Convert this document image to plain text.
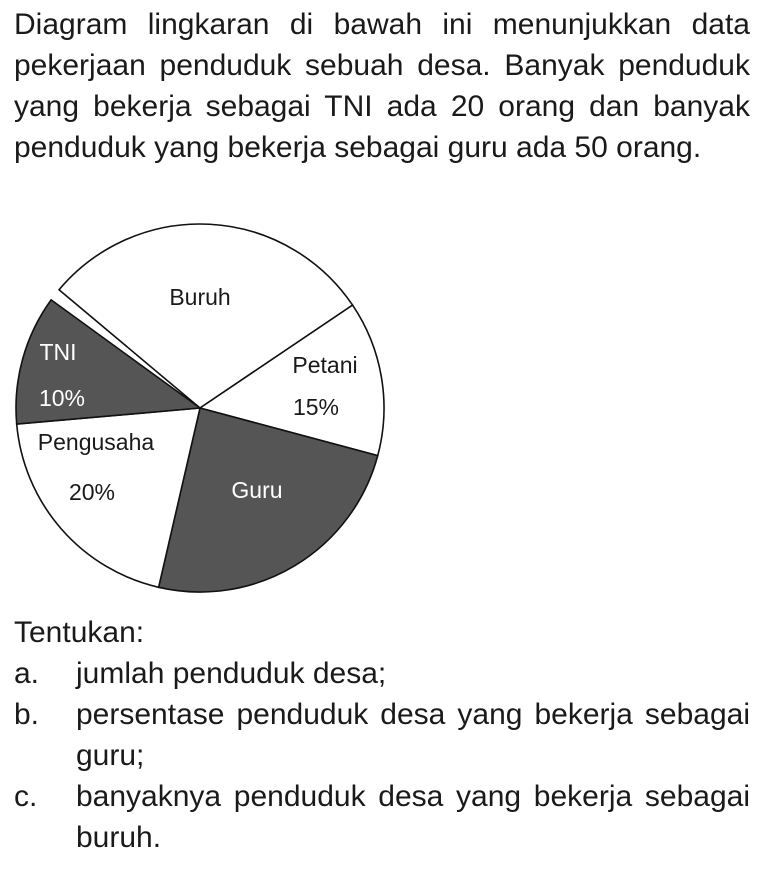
Diagram lingkaran di bawah ini menunjukkan data pekerjaan penduduk sebuah desa. Banyak penduduk yang bekerja sebagai TNI ada 20 orang dan banyak penduduk yang bekerja sebagai guru ada 50 orang.

Buruh
Petani
15%
Guru
Pengusaha
20%
TNI
10%

Tentukan:

a.	jumlah penduduk desa;
b.	persentase penduduk desa yang bekerja sebagai guru;
c.	banyaknya penduduk desa yang bekerja sebagai buruh.
